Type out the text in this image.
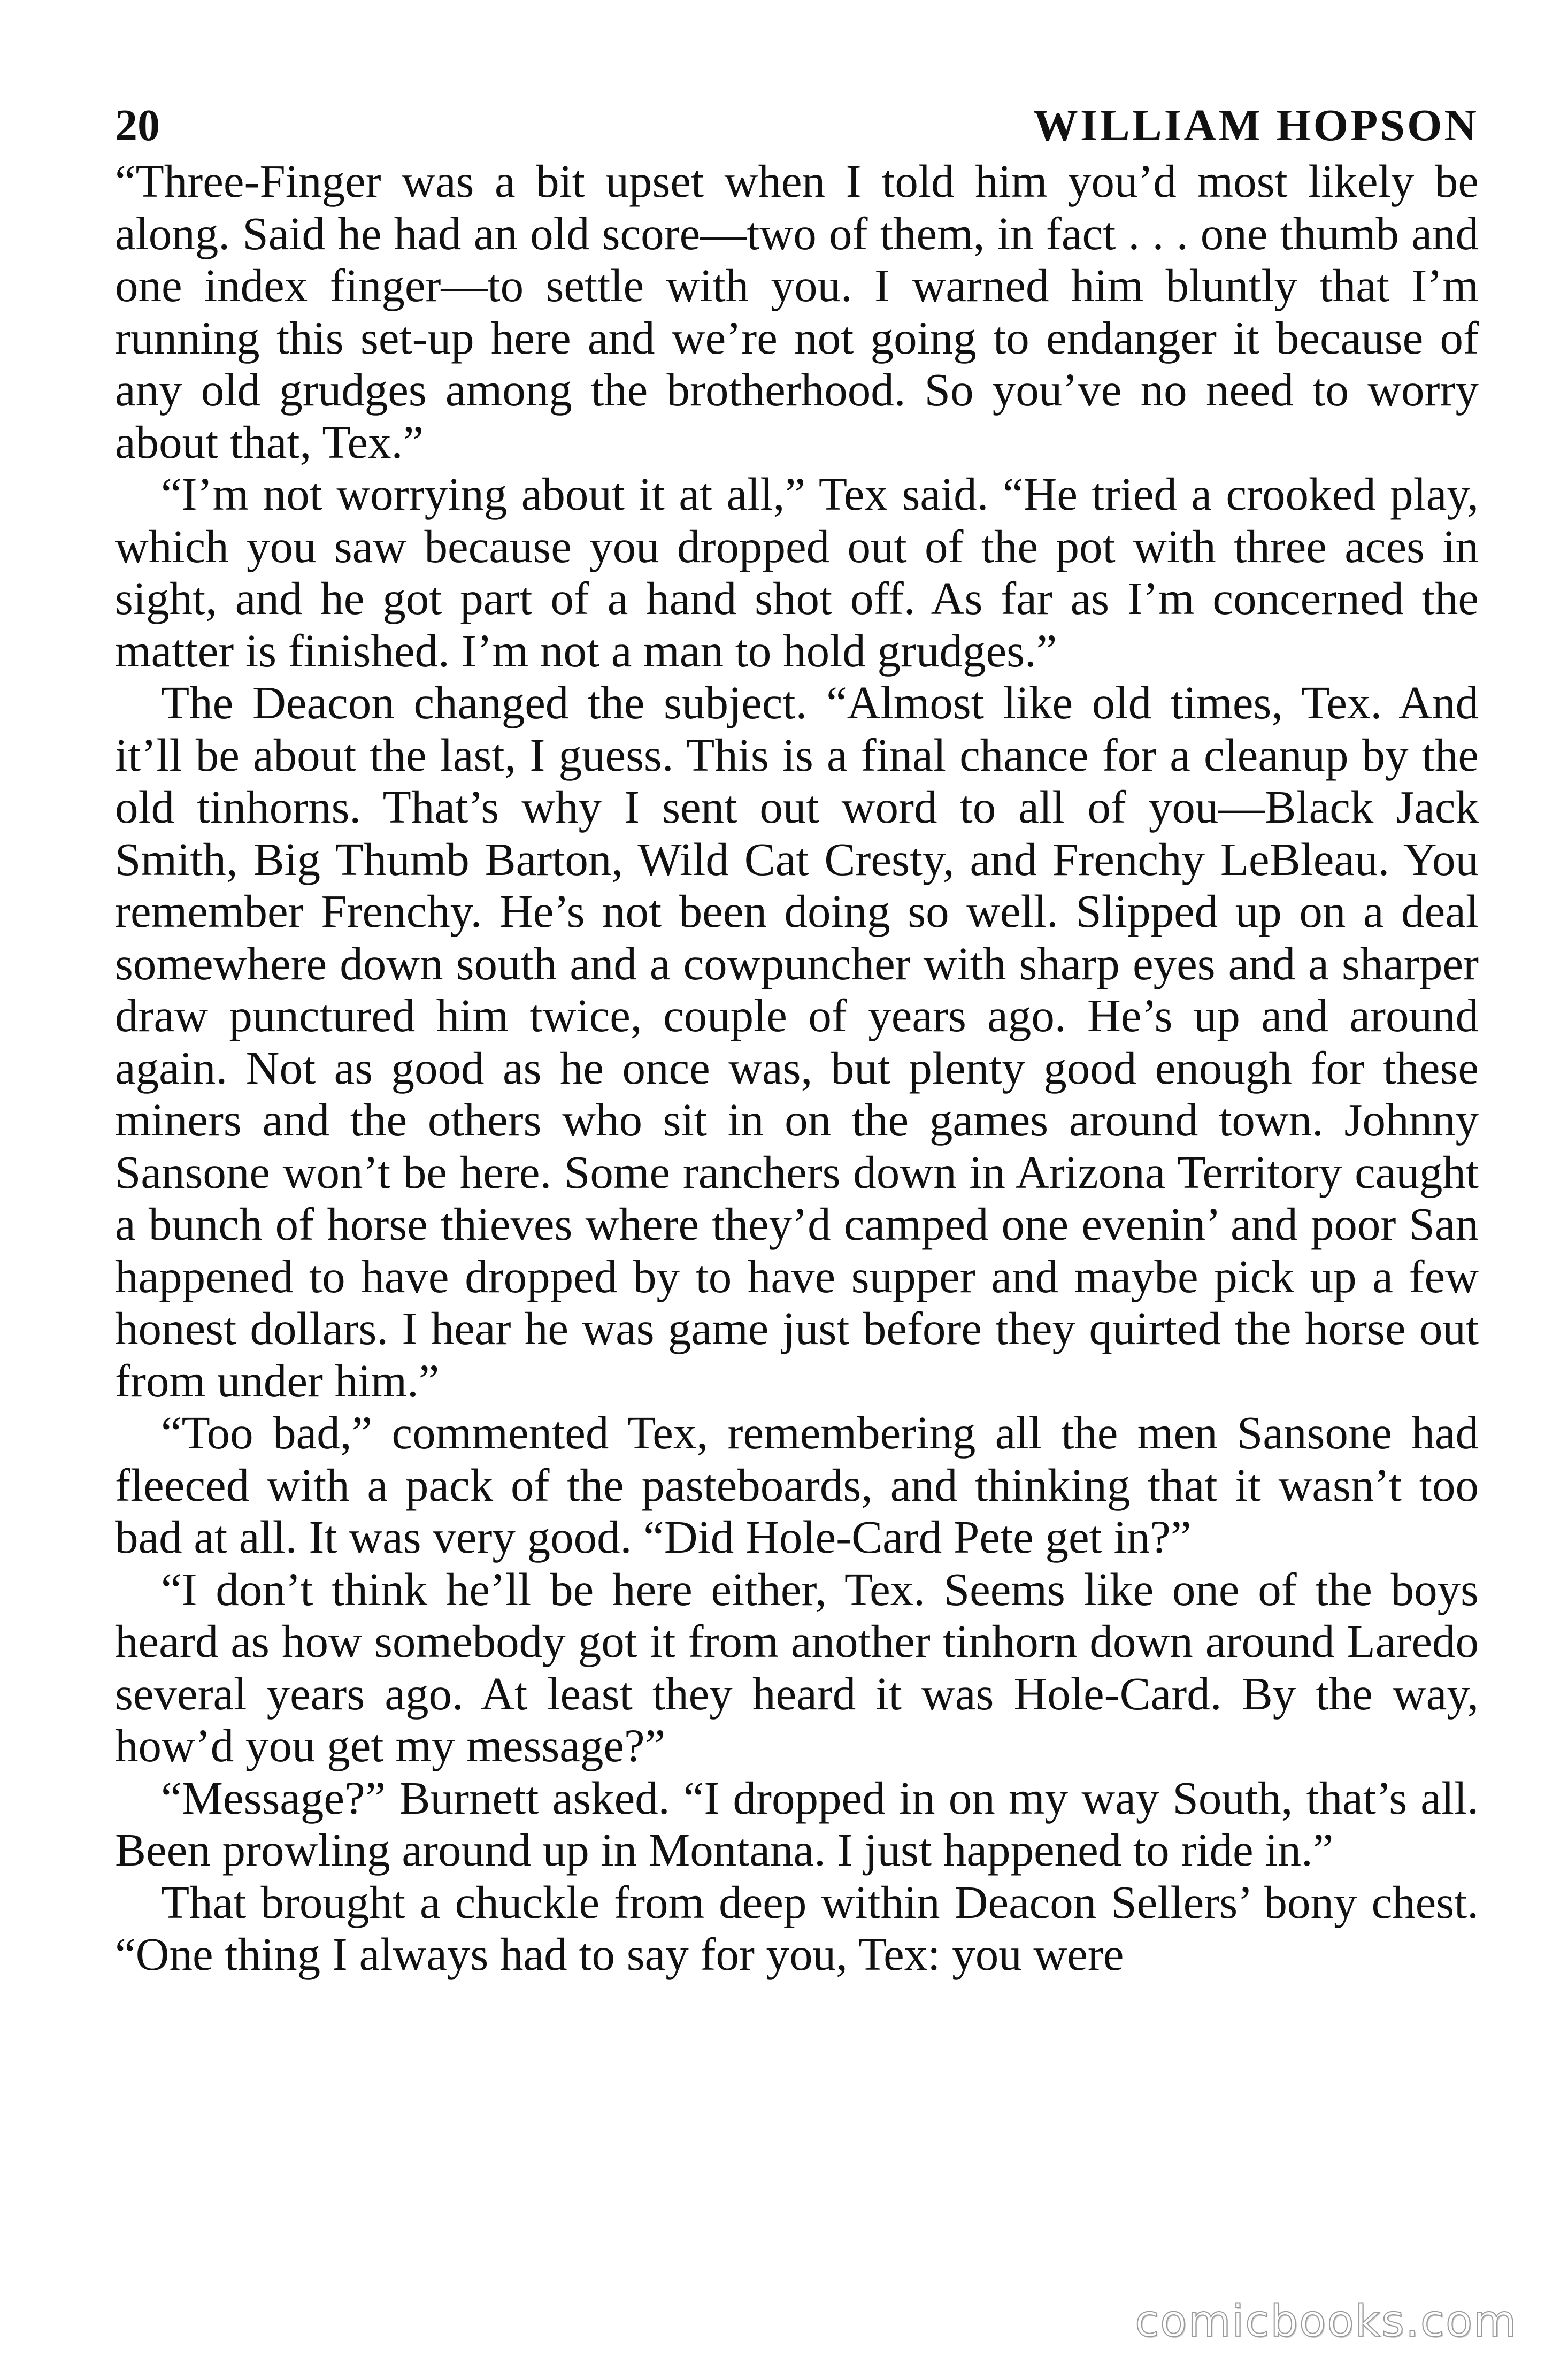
20	WILLIAM HOPSON

“Three-Finger was a bit upset when I told him you’d most likely be along. Said he had an old score—two of them, in fact . . . one thumb and one index finger—to settle with you. I warned him bluntly that I’m running this set-up here and we’re not going to endanger it because of any old grudges among the brotherhood. So you’ve no need to worry about that, Tex.”

“I’m not worrying about it at all,” Tex said. “He tried a crooked play, which you saw because you dropped out of the pot with three aces in sight, and he got part of a hand shot off. As far as I’m concerned the matter is finished. I’m not a man to hold grudges.”

The Deacon changed the subject. “Almost like old times, Tex. And it’ll be about the last, I guess. This is a final chance for a cleanup by the old tinhorns. That’s why I sent out word to all of you—Black Jack Smith, Big Thumb Barton, Wild Cat Cresty, and Frenchy LeBleau. You remember Frenchy. He’s not been doing so well. Slipped up on a deal somewhere down south and a cowpuncher with sharp eyes and a sharper draw punctured him twice, couple of years ago. He’s up and around again. Not as good as he once was, but plenty good enough for these miners and the others who sit in on the games around town. Johnny Sansone won’t be here. Some ranchers down in Arizona Territory caught a bunch of horse thieves where they’d camped one evenin’ and poor San happened to have dropped by to have supper and maybe pick up a few honest dollars. I hear he was game just before they quirted the horse out from under him.”

“Too bad,” commented Tex, remembering all the men Sansone had fleeced with a pack of the pasteboards, and thinking that it wasn’t too bad at all. It was very good. “Did Hole-Card Pete get in?”

“I don’t think he’ll be here either, Tex. Seems like one of the boys heard as how somebody got it from another tinhorn down around Laredo several years ago. At least they heard it was Hole-Card. By the way, how’d you get my message?”

“Message?” Burnett asked. “I dropped in on my way South, that’s all. Been prowling around up in Montana. I just happened to ride in.”

That brought a chuckle from deep within Deacon Sellers’ bony chest. “One thing I always had to say for you, Tex: you were

comicbooks.com
